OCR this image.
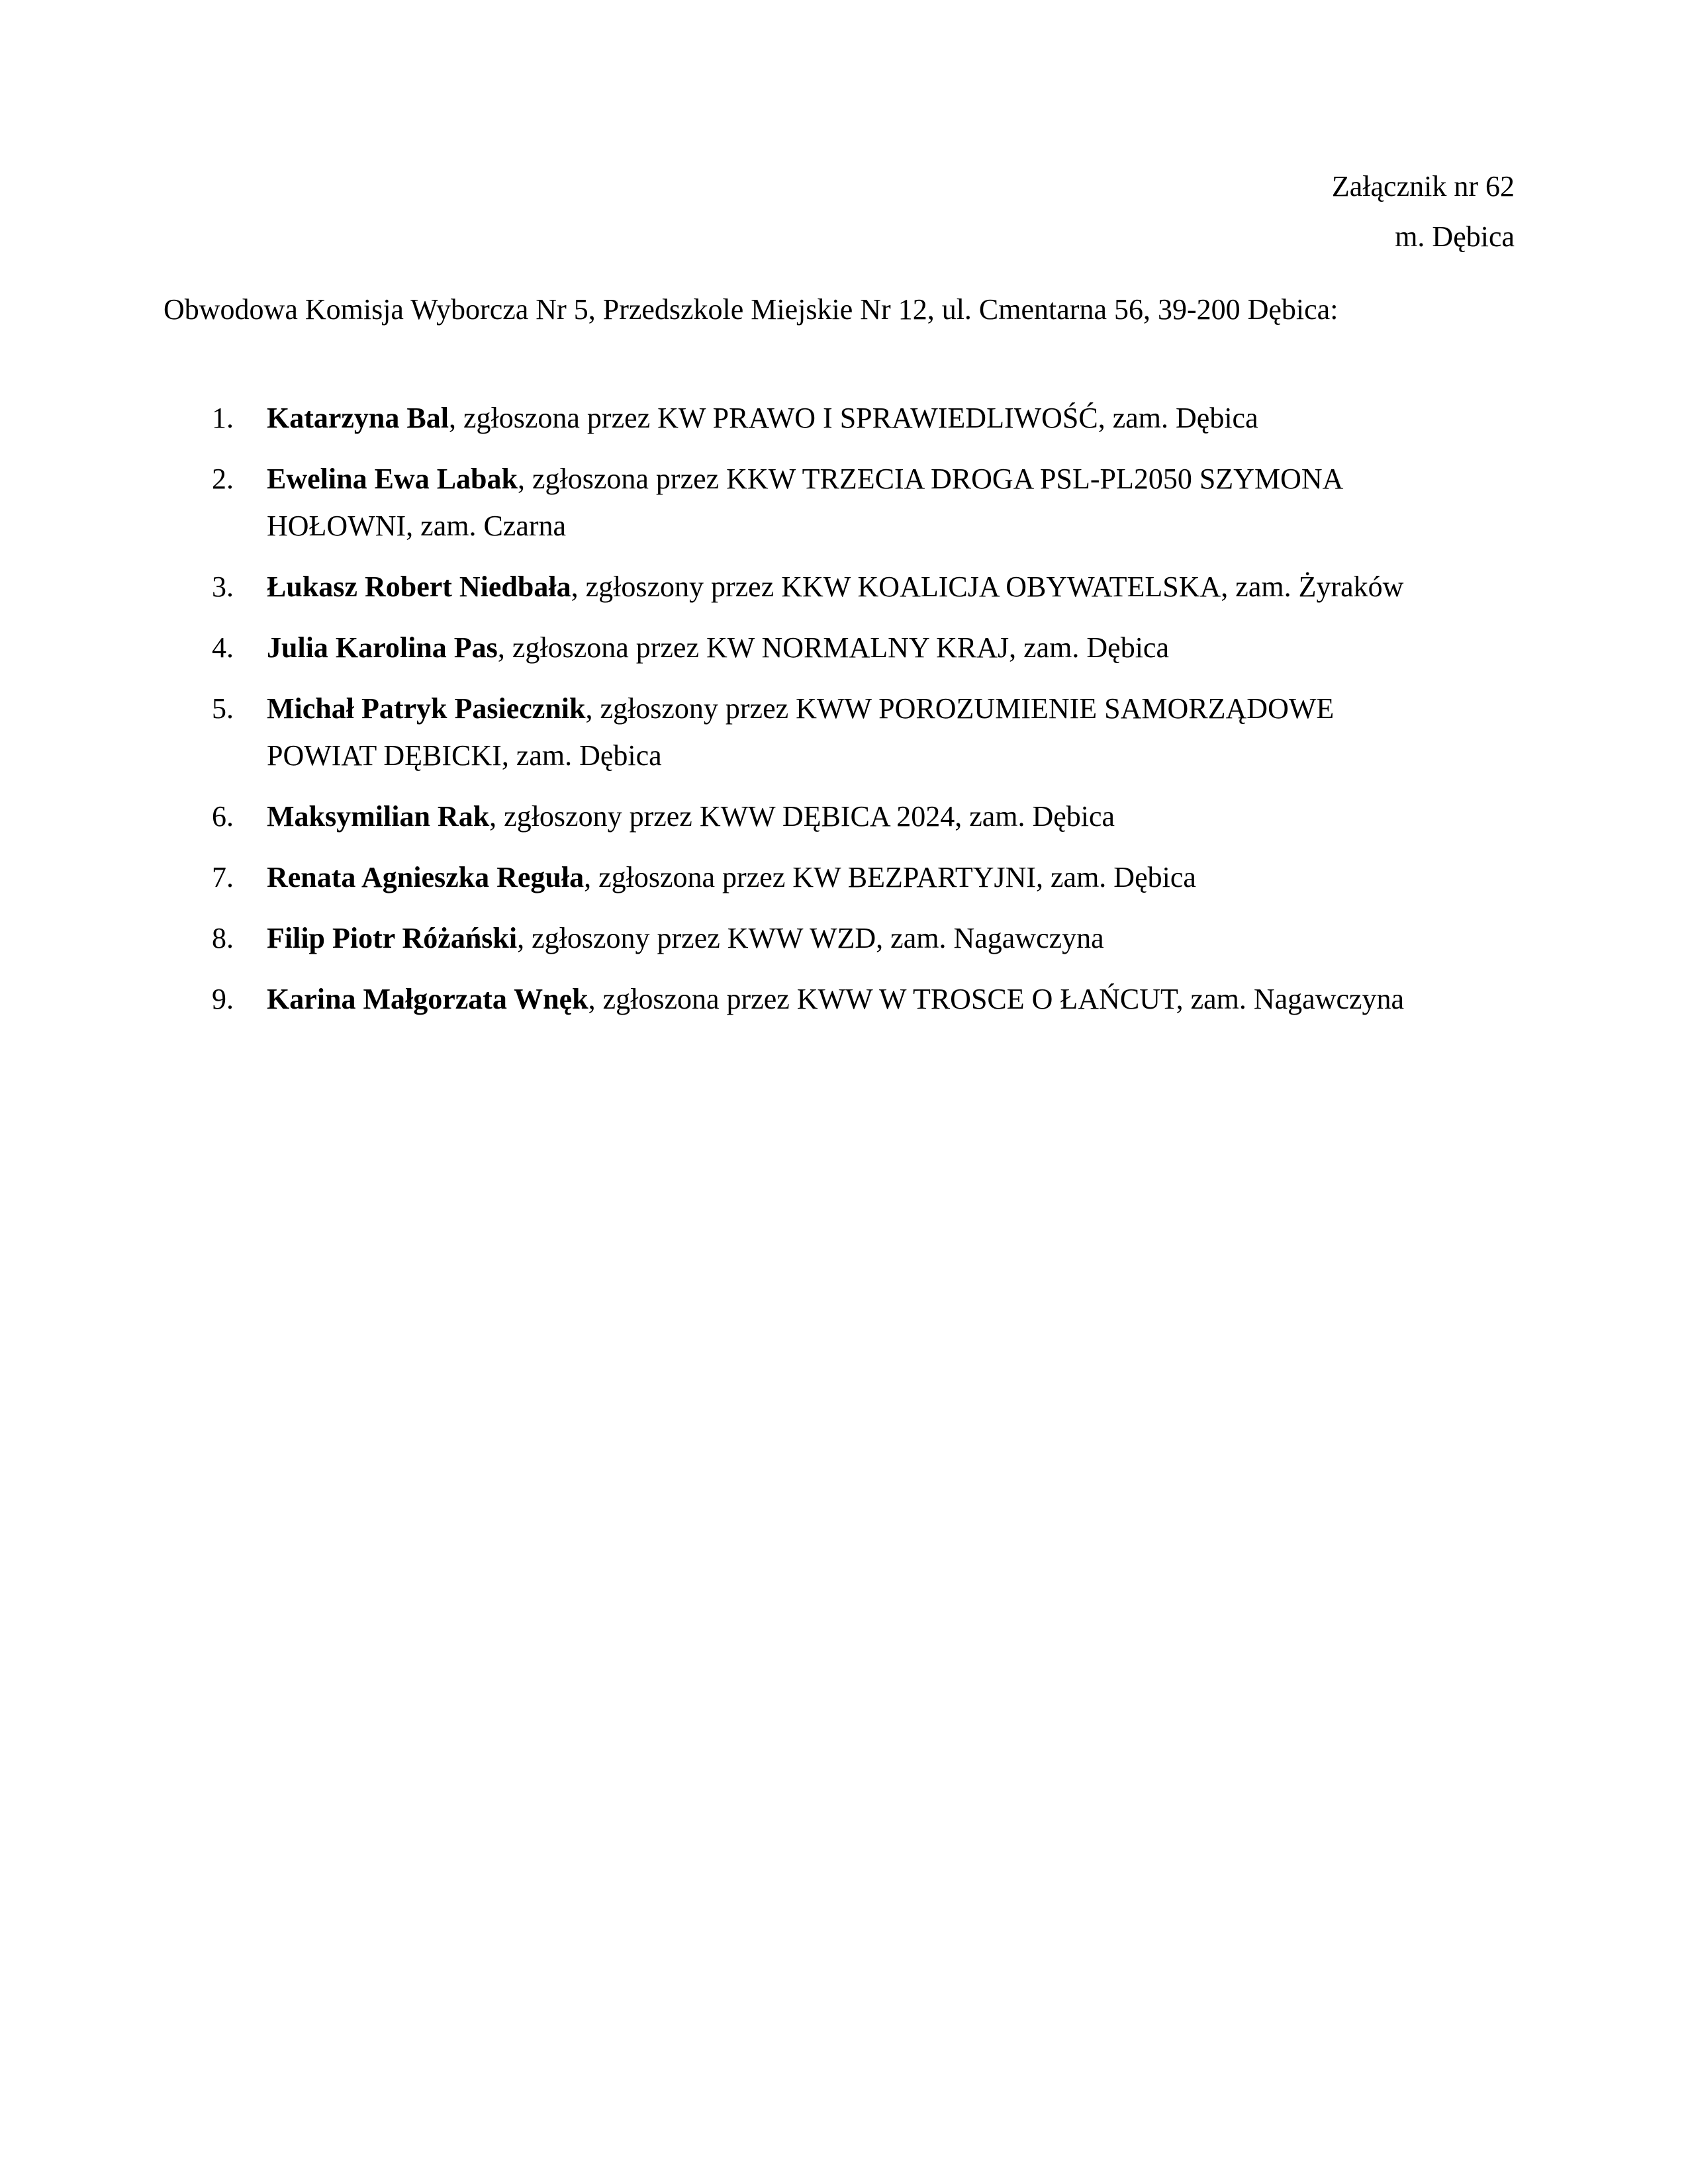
Załącznik nr 62
m. Dębica
Obwodowa Komisja Wyborcza Nr 5, Przedszkole Miejskie Nr 12, ul. Cmentarna 56, 39-200 Dębica:
1.	Katarzyna Bal, zgłoszona przez KW PRAWO I SPRAWIEDLIWOŚĆ, zam. Dębica
2.	Ewelina Ewa Labak, zgłoszona przez KKW TRZECIA DROGA PSL-PL2050 SZYMONA HOŁOWNI, zam. Czarna
3.	Łukasz Robert Niedbała, zgłoszony przez KKW KOALICJA OBYWATELSKA, zam. Żyraków
4.	Julia Karolina Pas, zgłoszona przez KW NORMALNY KRAJ, zam. Dębica
5.	Michał Patryk Pasiecznik, zgłoszony przez KWW POROZUMIENIE SAMORZĄDOWE POWIAT DĘBICKI, zam. Dębica
6.	Maksymilian Rak, zgłoszony przez KWW DĘBICA 2024, zam. Dębica
7.	Renata Agnieszka Reguła, zgłoszona przez KW BEZPARTYJNI, zam. Dębica
8.	Filip Piotr Różański, zgłoszony przez KWW WZD, zam. Nagawczyna
9.	Karina Małgorzata Wnęk, zgłoszona przez KWW W TROSCE O ŁAŃCUT, zam. Nagawczyna
